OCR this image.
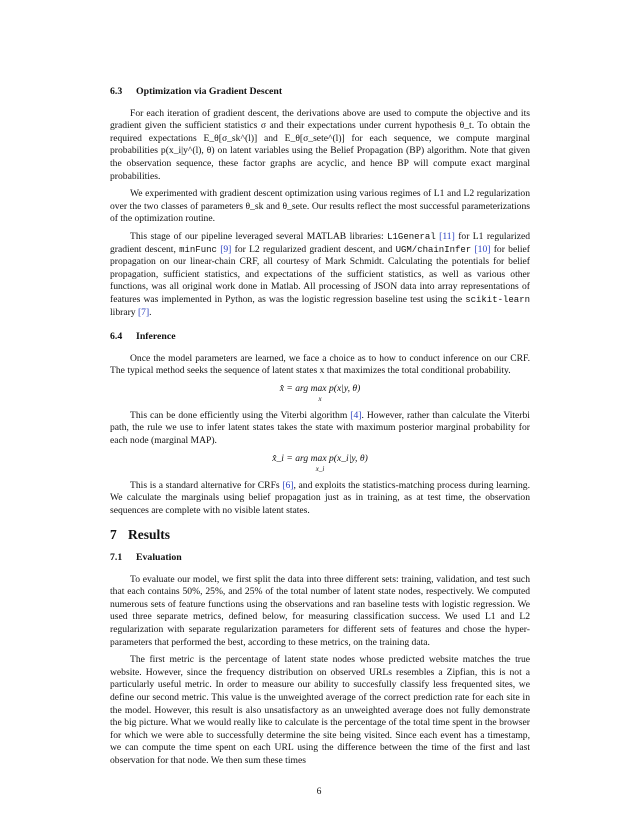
6.3 Optimization via Gradient Descent

For each iteration of gradient descent, the derivations above are used to compute the objective and its gradient given the sufficient statistics σ and their expectations under current hypothesis θ_t. To obtain the required expectations E_θ[σ_sk^(l)] and E_θ[σ_sete^(l)] for each sequence, we compute marginal probabilities p(x_i|y^(l), θ) on latent variables using the Belief Propagation (BP) algorithm. Note that given the observation sequence, these factor graphs are acyclic, and hence BP will compute exact marginal probabilities.

We experimented with gradient descent optimization using various regimes of L1 and L2 regularization over the two classes of parameters θ_sk and θ_sete. Our results reflect the most successful parameterizations of the optimization routine.

This stage of our pipeline leveraged several MATLAB libraries: L1General [11] for L1 regularized gradient descent, minFunc [9] for L2 regularized gradient descent, and UGM/chainInfer [10] for belief propagation on our linear-chain CRF, all courtesy of Mark Schmidt. Calculating the potentials for belief propagation, sufficient statistics, and expectations of the sufficient statistics, as well as various other functions, was all original work done in Matlab. All processing of JSON data into array representations of features was implemented in Python, as was the logistic regression baseline test using the scikit-learn library [7].

6.4 Inference

Once the model parameters are learned, we face a choice as to how to conduct inference on our CRF. The typical method seeks the sequence of latent states x that maximizes the total conditional probability.

x̂ = arg max p(x|y, θ)
x

This can be done efficiently using the Viterbi algorithm [4]. However, rather than calculate the Viterbi path, the rule we use to infer latent states takes the state with maximum posterior marginal probability for each node (marginal MAP).

x̂_i = arg max p(x_i|y, θ)
x_i

This is a standard alternative for CRFs [6], and exploits the statistics-matching process during learning. We calculate the marginals using belief propagation just as in training, as at test time, the observation sequences are complete with no visible latent states.

7 Results
7.1 Evaluation

To evaluate our model, we first split the data into three different sets: training, validation, and test such that each contains 50%, 25%, and 25% of the total number of latent state nodes, respectively. We computed numerous sets of feature functions using the observations and ran baseline tests with logistic regression. We used three separate metrics, defined below, for measuring classification success. We used L1 and L2 regularization with separate regularization parameters for different sets of features and chose the hyper-parameters that performed the best, according to these metrics, on the training data.

The first metric is the percentage of latent state nodes whose predicted website matches the true website. However, since the frequency distribution on observed URLs resembles a Zipfian, this is not a particularly useful metric. In order to measure our ability to succesfully classify less frequented sites, we define our second metric. This value is the unweighted average of the correct prediction rate for each site in the model. However, this result is also unsatisfactory as an unweighted average does not fully demonstrate the big picture. What we would really like to calculate is the percentage of the total time spent in the browser for which we were able to successfully determine the site being visited. Since each event has a timestamp, we can compute the time spent on each URL using the difference between the time of the first and last observation for that node. We then sum these times

6
